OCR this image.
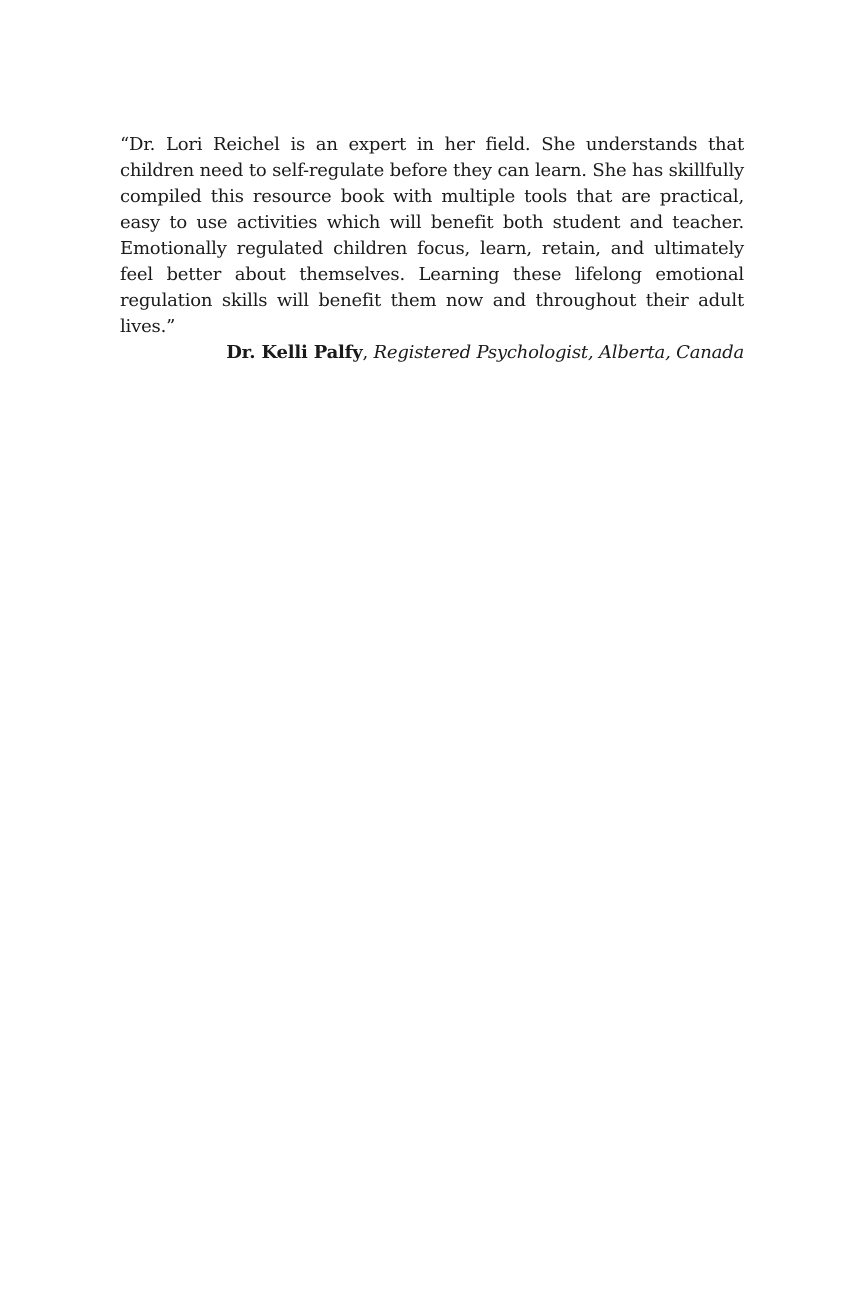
“Dr. Lori Reichel is an expert in her field. She understands that children need to self-regulate before they can learn. She has skillfully compiled this resource book with multiple tools that are practical, easy to use activities which will benefit both student and teacher. Emotionally regulated children focus, learn, retain, and ultimately feel better about themselves. Learning these lifelong emotional regulation skills will benefit them now and throughout their adult lives.”

Dr. Kelli Palfy, Registered Psychologist, Alberta, Canada
